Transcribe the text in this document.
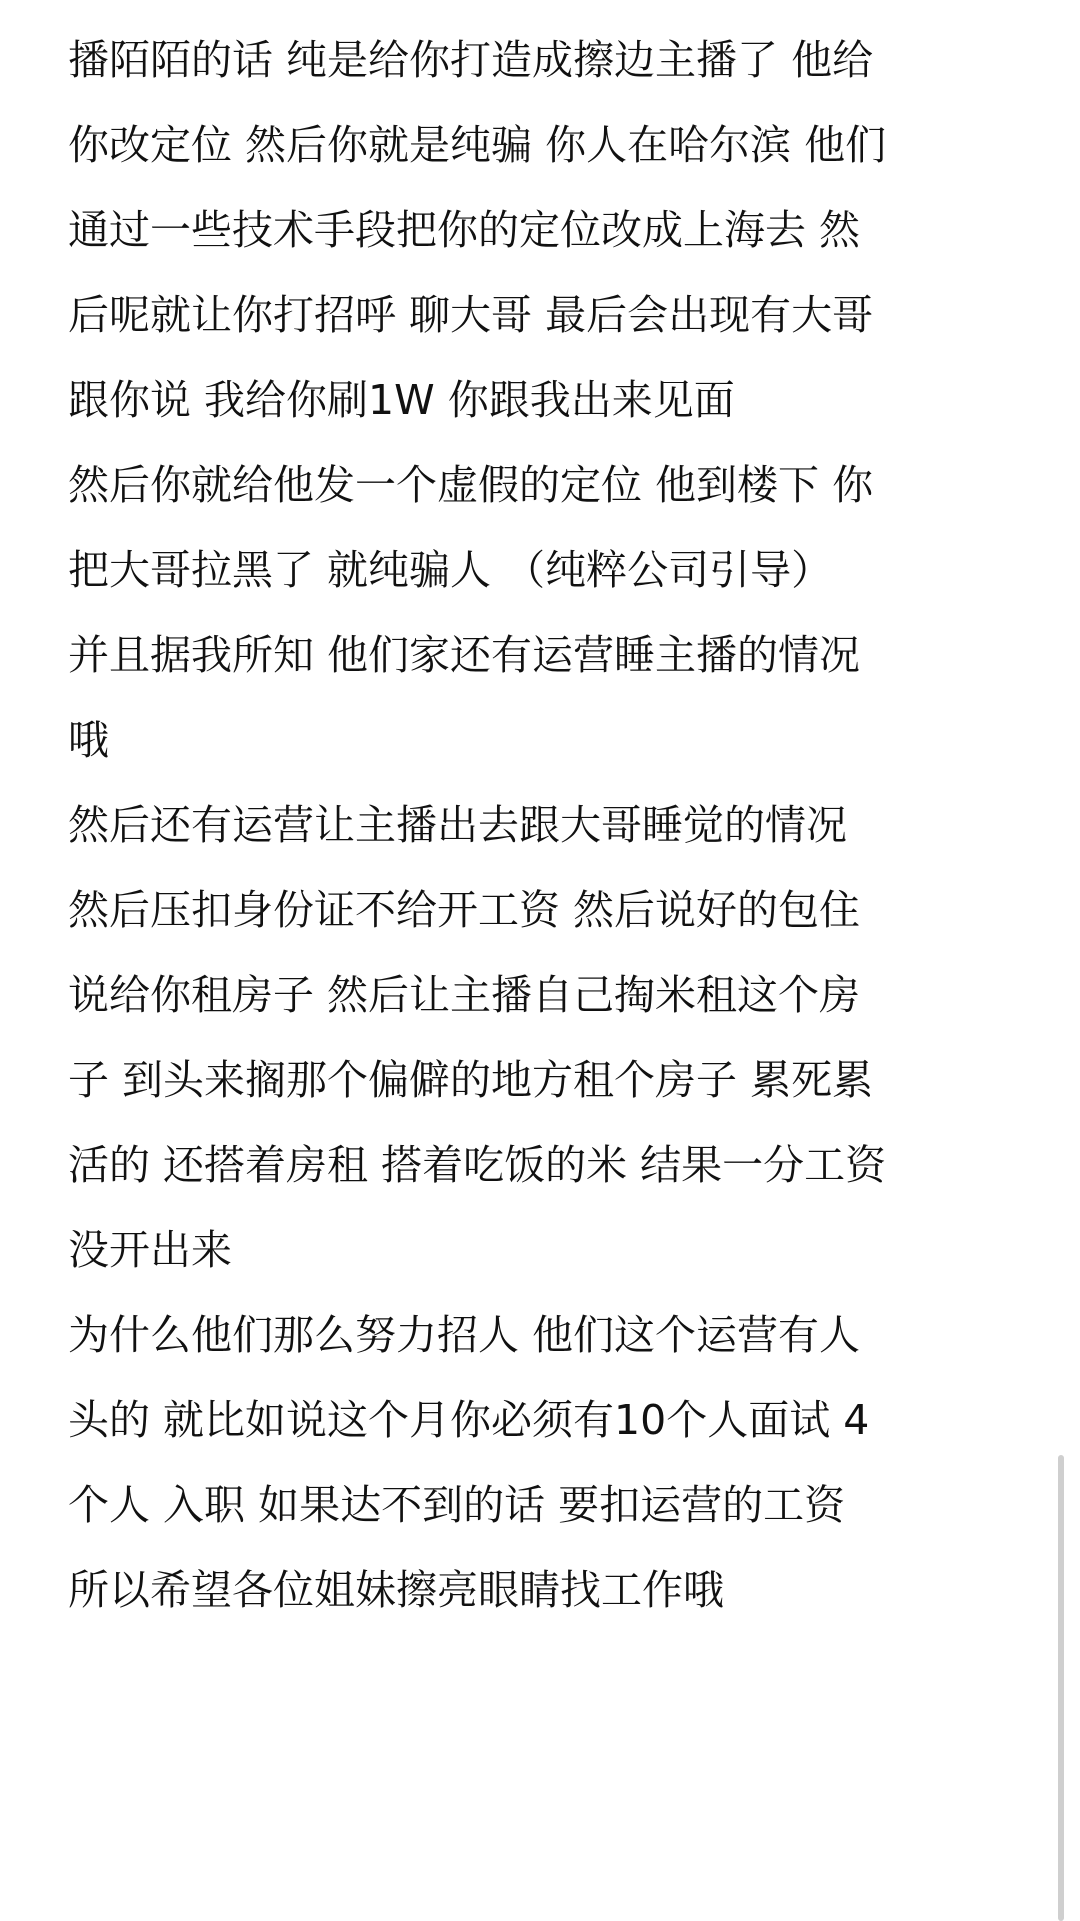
播陌陌的话 纯是给你打造成擦边主播了 他给
你改定位 然后你就是纯骗 你人在哈尔滨 他们
通过一些技术手段把你的定位改成上海去 然
后呢就让你打招呼 聊大哥 最后会出现有大哥
跟你说 我给你刷1W 你跟我出来见面
然后你就给他发一个虚假的定位 他到楼下 你
把大哥拉黑了 就纯骗人 （纯粹公司引导）
并且据我所知 他们家还有运营睡主播的情况
哦
然后还有运营让主播出去跟大哥睡觉的情况
然后压扣身份证不给开工资 然后说好的包住
说给你租房子 然后让主播自己掏米租这个房
子 到头来搁那个偏僻的地方租个房子 累死累
活的 还搭着房租 搭着吃饭的米 结果一分工资
没开出来
为什么他们那么努力招人 他们这个运营有人
头的 就比如说这个月你必须有10个人面试 4
个人 入职 如果达不到的话 要扣运营的工资
所以希望各位姐妹擦亮眼睛找工作哦
